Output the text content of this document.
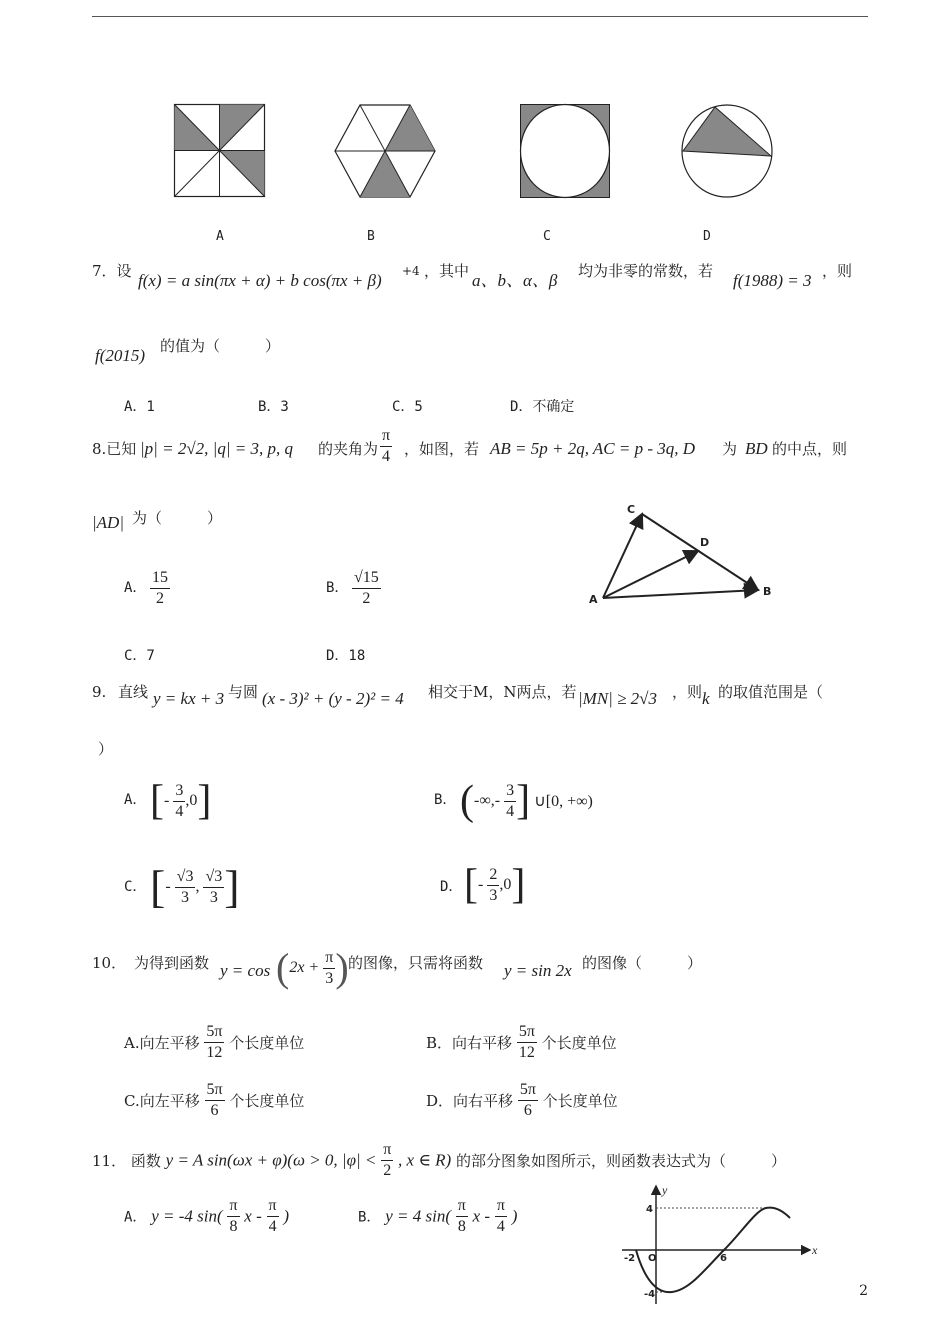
A	B	C	D
7．设 f(x) = a sin(πx + α) + b cos(πx + β) +4 ，其中 a、b、α、β 均为非零的常数，若 f(1988) = 3 ，则
f(2015) 的值为（　　　）
A．1	B．3	C．5	D．不确定
8.已知 |p| = 2√2, |q| = 3, p, q 的夹角为 $\frac{\pi}{4}$ ，如图，若 AB = 5p + 2q, AC = p - 3q, D 为 BD 的中点，则
|AD| 为（　　　）
A． $\frac{15}{2}$	B． $\frac{√15}{2}$
C．7	D．18
C
D
A
B
9. 直线 y = kx + 3 与圆 (x - 3)² + (y - 2)² = 4 相交于M，N两点，若 |MN| ≥ 2√3 ，则 k 的取值范围是（
）
A． [- $\frac{3}{4} ,0$]	B． (-∞,- $\frac{3}{4}$ ] ∪[0, +∞)
C． [- $\frac{√3}{3}$ , $\frac{√3}{3}$ ]	D． [- $\frac{2}{3} ,0$]
10． 为得到函数 $y = \cos (2x + \frac{\pi}{3}$ ) 的图像，只需将函数 y = sin 2x 的图像（　　　）
A.向左平移 $\frac{5\pi}{12}$ 个长度单位	B．向右平移 $\frac{5\pi}{12}$ 个长度单位
C.向左平移 $\frac{5\pi}{6}$ 个长度单位	D．向右平移 $\frac{5\pi}{6}$ 个长度单位
11． 函数 y = A sin(ωx + φ)(ω > 0, $|\varphi| < \frac{\pi}{2}$ , x ∈ R) 的部分图象如图所示，则函数表达式为（　　　）
A． y = -4 $\sin( \frac{\pi}{8}$ x - $\frac{\pi}{4}$ )	B． y = 4 $\sin( \frac{\pi}{8}$ x - $\frac{\pi}{4}$ )
y
x
4
-4
-2 O	6
2
